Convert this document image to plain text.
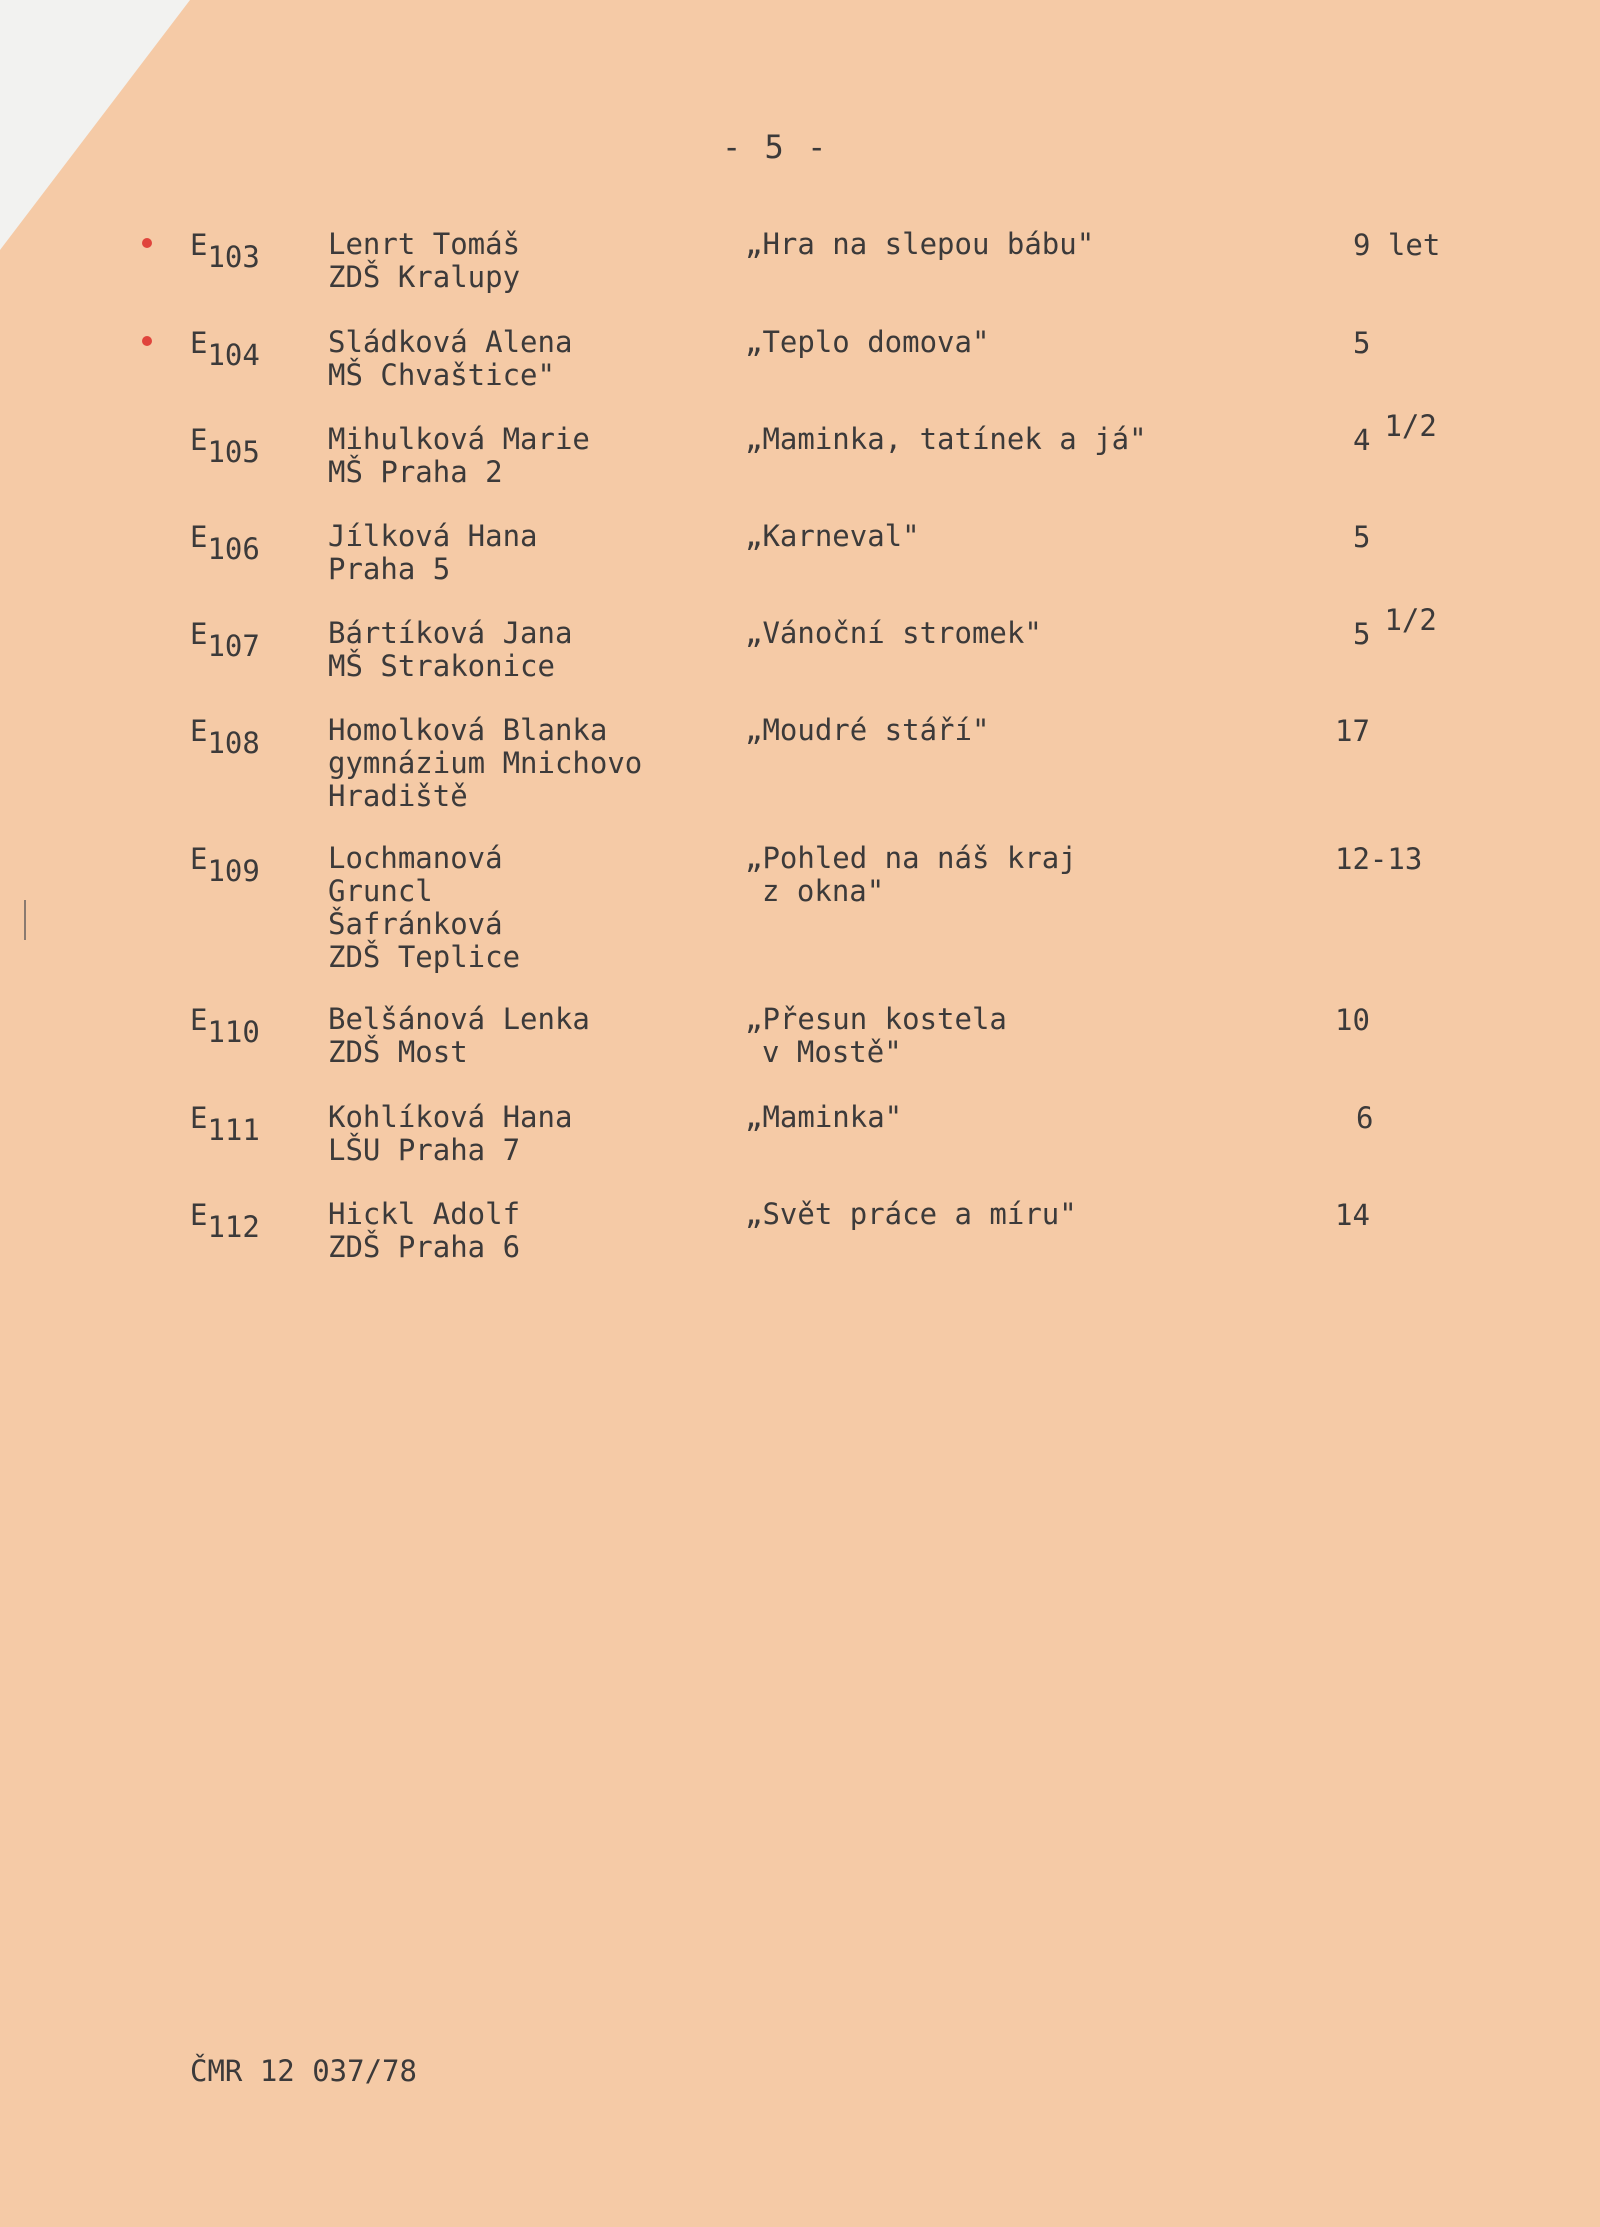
- 5 -
$E_{103}$ Lenrt Tomáš
ZDŠ Kralupy
„Hra na slepou bábu"	9 let
$E_{104}$ Sládková Alena
MŠ Chvaštice"
„Teplo domova"	5
$E_{105}$ Mihulková Marie
MŠ Praha 2
„Maminka, tatínek a já"	4 1/2
$E_{106}$ Jílková Hana
Praha 5
„Karneval"	5
$E_{107}$ Bártíková Jana
MŠ Strakonice
„Vánoční stromek"	5 1/2
$E_{108}$ Homolková Blanka
gymnázium Mnichovo
Hradiště
„Moudré stáří"	17
$E_{109}$ Lochmanová
Gruncl
Šafránková
ZDŠ Teplice
„Pohled na náš kraj
z okna"
12-13
$E_{110}$ Belšánová Lenka
ZDŠ Most
„Přesun kostela
v Mostě"
10
$E_{111}$ Kohlíková Hana
LŠU Praha 7
„Maminka"	6
$E_{112}$ Hickl Adolf
ZDŠ Praha 6
„Svět práce a míru"	14
ČMR 12 037/78
